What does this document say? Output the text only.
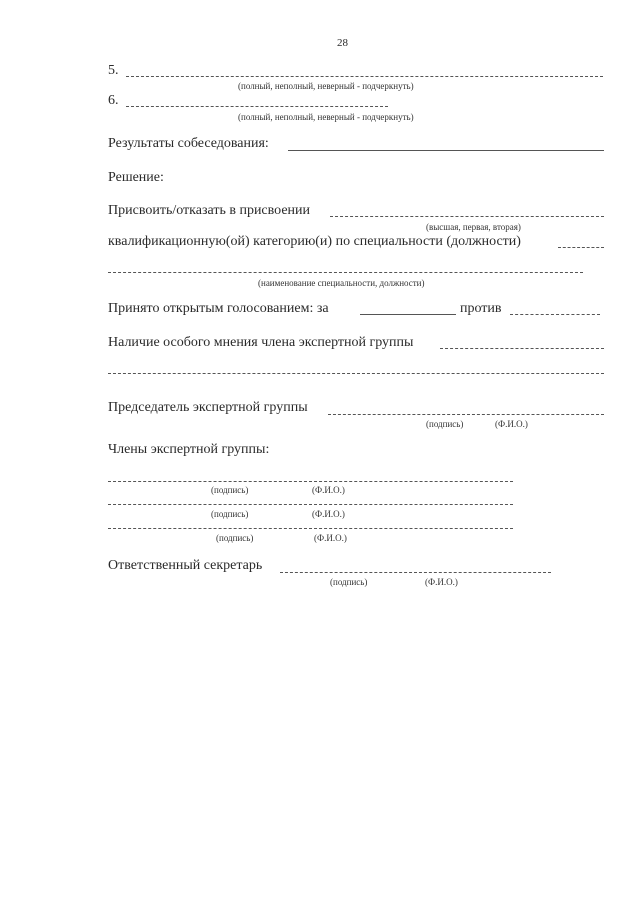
28
5.
(полный, неполный, неверный - подчеркнуть)
6.
(полный, неполный, неверный - подчеркнуть)
Результаты собеседования:
Решение:
Присвоить/отказать в присвоении
(высшая, первая, вторая)
квалификационную(ой) категорию(и) по специальности (должности)
(наименование специальности, должности)
Принято открытым голосованием: за	против
Наличие особого мнения члена экспертной группы
Председатель экспертной группы
(подпись)	(Ф.И.О.)
Члены экспертной группы:
(подпись)	(Ф.И.О.)
(подпись)	(Ф.И.О.)
(подпись)	(Ф.И.О.)
Ответственный секретарь
(подпись)	(Ф.И.О.)
